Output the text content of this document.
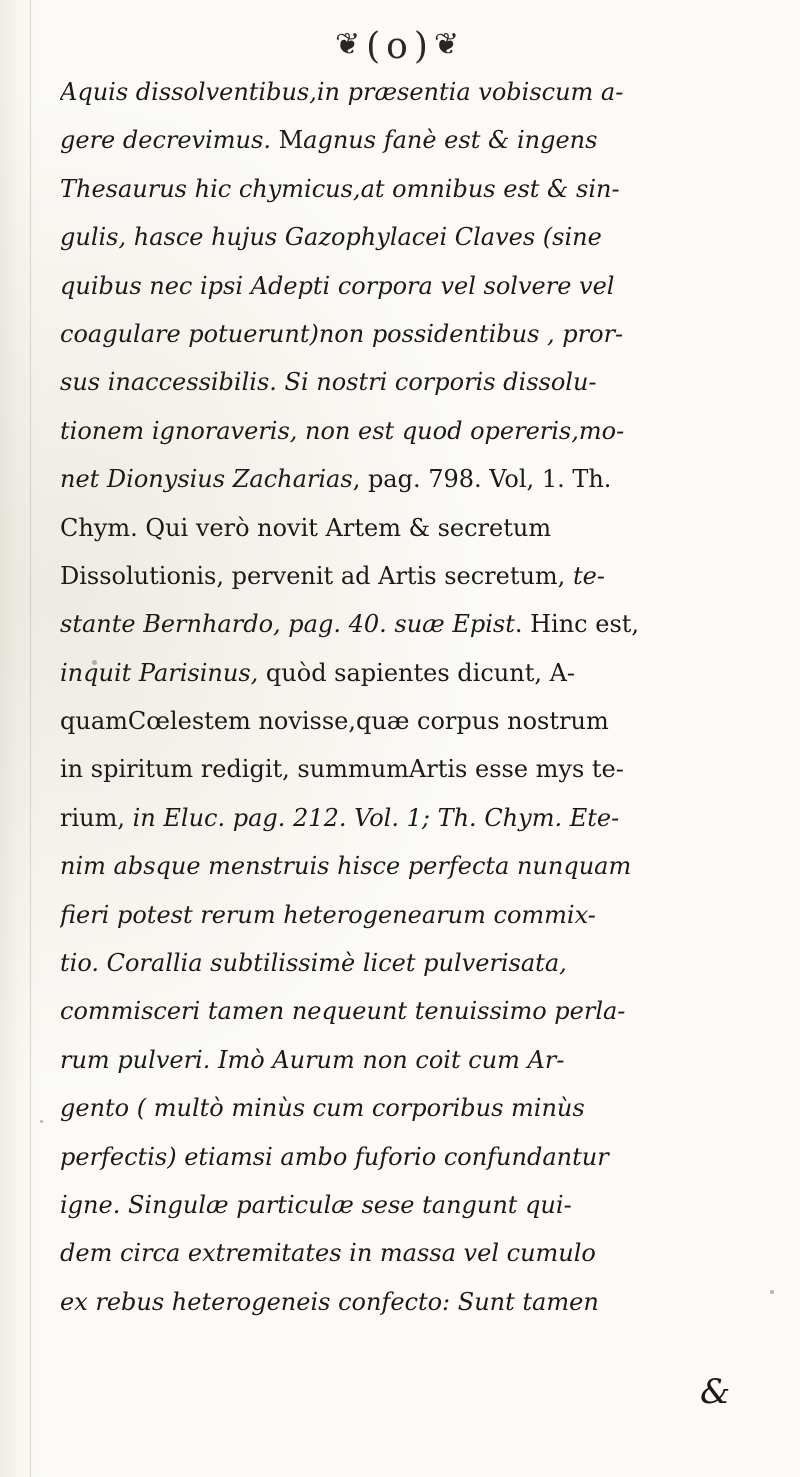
❦(o)❦
Aquis dissolventibus,in præsentia vobiscum a-
gere decrevimus. Magnus fanè est & ingens
Thesaurus hic chymicus,at omnibus est & sin-
gulis, hasce hujus Gazophylacei Claves (sine
quibus nec ipsi Adepti corpora vel solvere vel
coagulare potuerunt)non possidentibus , pror-
sus inaccessibilis. Si nostri corporis dissolu-
tionem ignoraveris, non est quod opereris,mo-
net Dionysius Zacharias, pag. 798. Vol, 1. Th.
Chym. Qui verò novit Artem & secretum
Dissolutionis, pervenit ad Artis secretum, te-
stante Bernhardo, pag. 40. suæ Epist. Hinc est,
inquit Parisinus, quòd sapientes dicunt, A-
quamCœlestem novisse,quæ corpus nostrum
in spiritum redigit, summumArtis esse mys te-
rium, in Eluc. pag. 212. Vol. 1; Th. Chym. Ete-
nim absque menstruis hisce perfecta nunquam
fieri potest rerum heterogenearum commix-
tio. Corallia subtilissimè licet pulverisata,
commisceri tamen nequeunt tenuissimo perla-
rum pulveri. Imò Aurum non coit cum Ar-
gento ( multò minùs cum corporibus minùs
perfectis) etiamsi ambo fuforio confundantur
igne. Singulæ particulæ sese tangunt qui-
dem circa extremitates in massa vel cumulo
ex rebus heterogeneis confecto: Sunt tamen
&
